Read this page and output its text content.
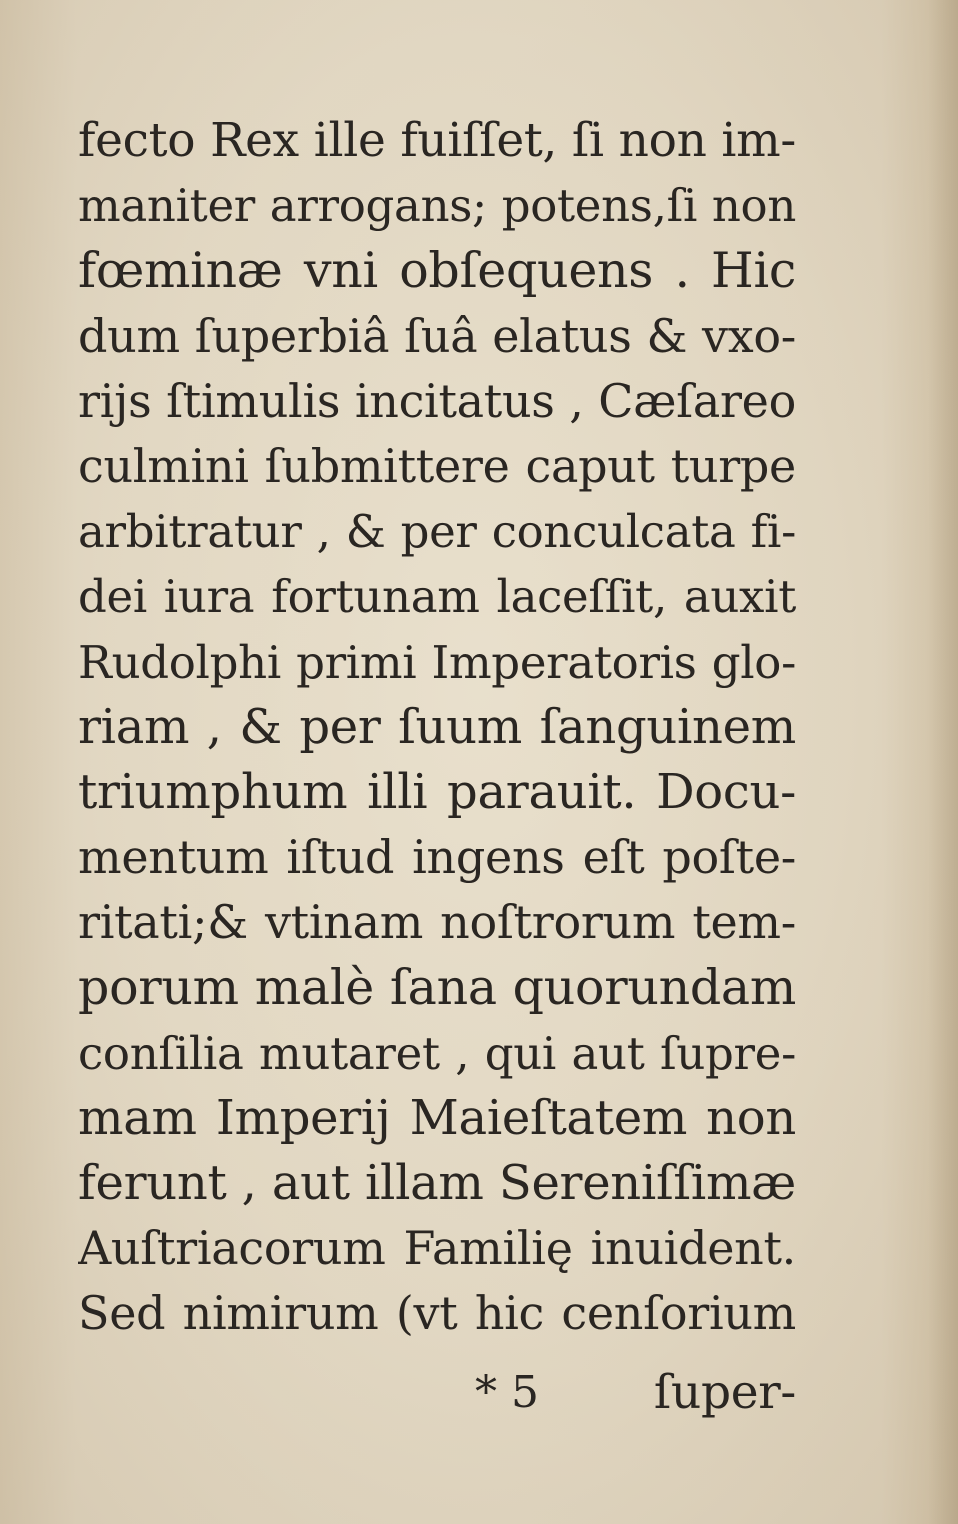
fecto Rex ille fuiſſet, ſi non im-
maniter arrogans; potens,ſi non
fœminæ vni obſequens . Hic
dum ſuperbiâ ſuâ elatus & vxo-
rijs ſtimulis incitatus , Cæſareo
culmini ſubmittere caput turpe
arbitratur , & per conculcata fi-
dei iura fortunam laceſſit, auxit
Rudolphi primi Imperatoris glo-
riam , & per ſuum ſanguinem
triumphum illi parauit. Docu-
mentum iſtud ingens eſt poſte-
ritati;& vtinam noſtrorum tem-
porum malè ſana quorundam
conſilia mutaret , qui aut ſupre-
mam Imperij Maieſtatem non
ferunt , aut illam Sereniſſimæ
Auſtriacorum Familię inuident.
Sed nimirum (vt hic cenſorium
* 5 ſuper-
